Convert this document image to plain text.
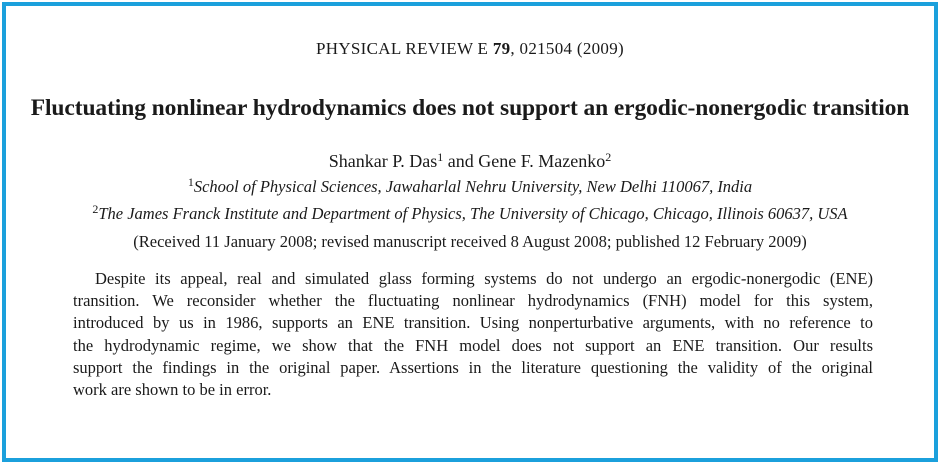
PHYSICAL REVIEW E 79, 021504 (2009)
Fluctuating nonlinear hydrodynamics does not support an ergodic-nonergodic transition
Shankar P. Das$^1$ and Gene F. Mazenko$^2$
$^1$School of Physical Sciences, Jawaharlal Nehru University, New Delhi 110067, India
$^2$The James Franck Institute and Department of Physics, The University of Chicago, Chicago, Illinois 60637, USA
(Received 11 January 2008; revised manuscript received 8 August 2008; published 12 February 2009)
Despite its appeal, real and simulated glass forming systems do not undergo an ergodic-nonergodic (ENE)
transition. We reconsider whether the fluctuating nonlinear hydrodynamics (FNH) model for this system,
introduced by us in 1986, supports an ENE transition. Using nonperturbative arguments, with no reference to
the hydrodynamic regime, we show that the FNH model does not support an ENE transition. Our results
support the findings in the original paper. Assertions in the literature questioning the validity of the original
work are shown to be in error.
